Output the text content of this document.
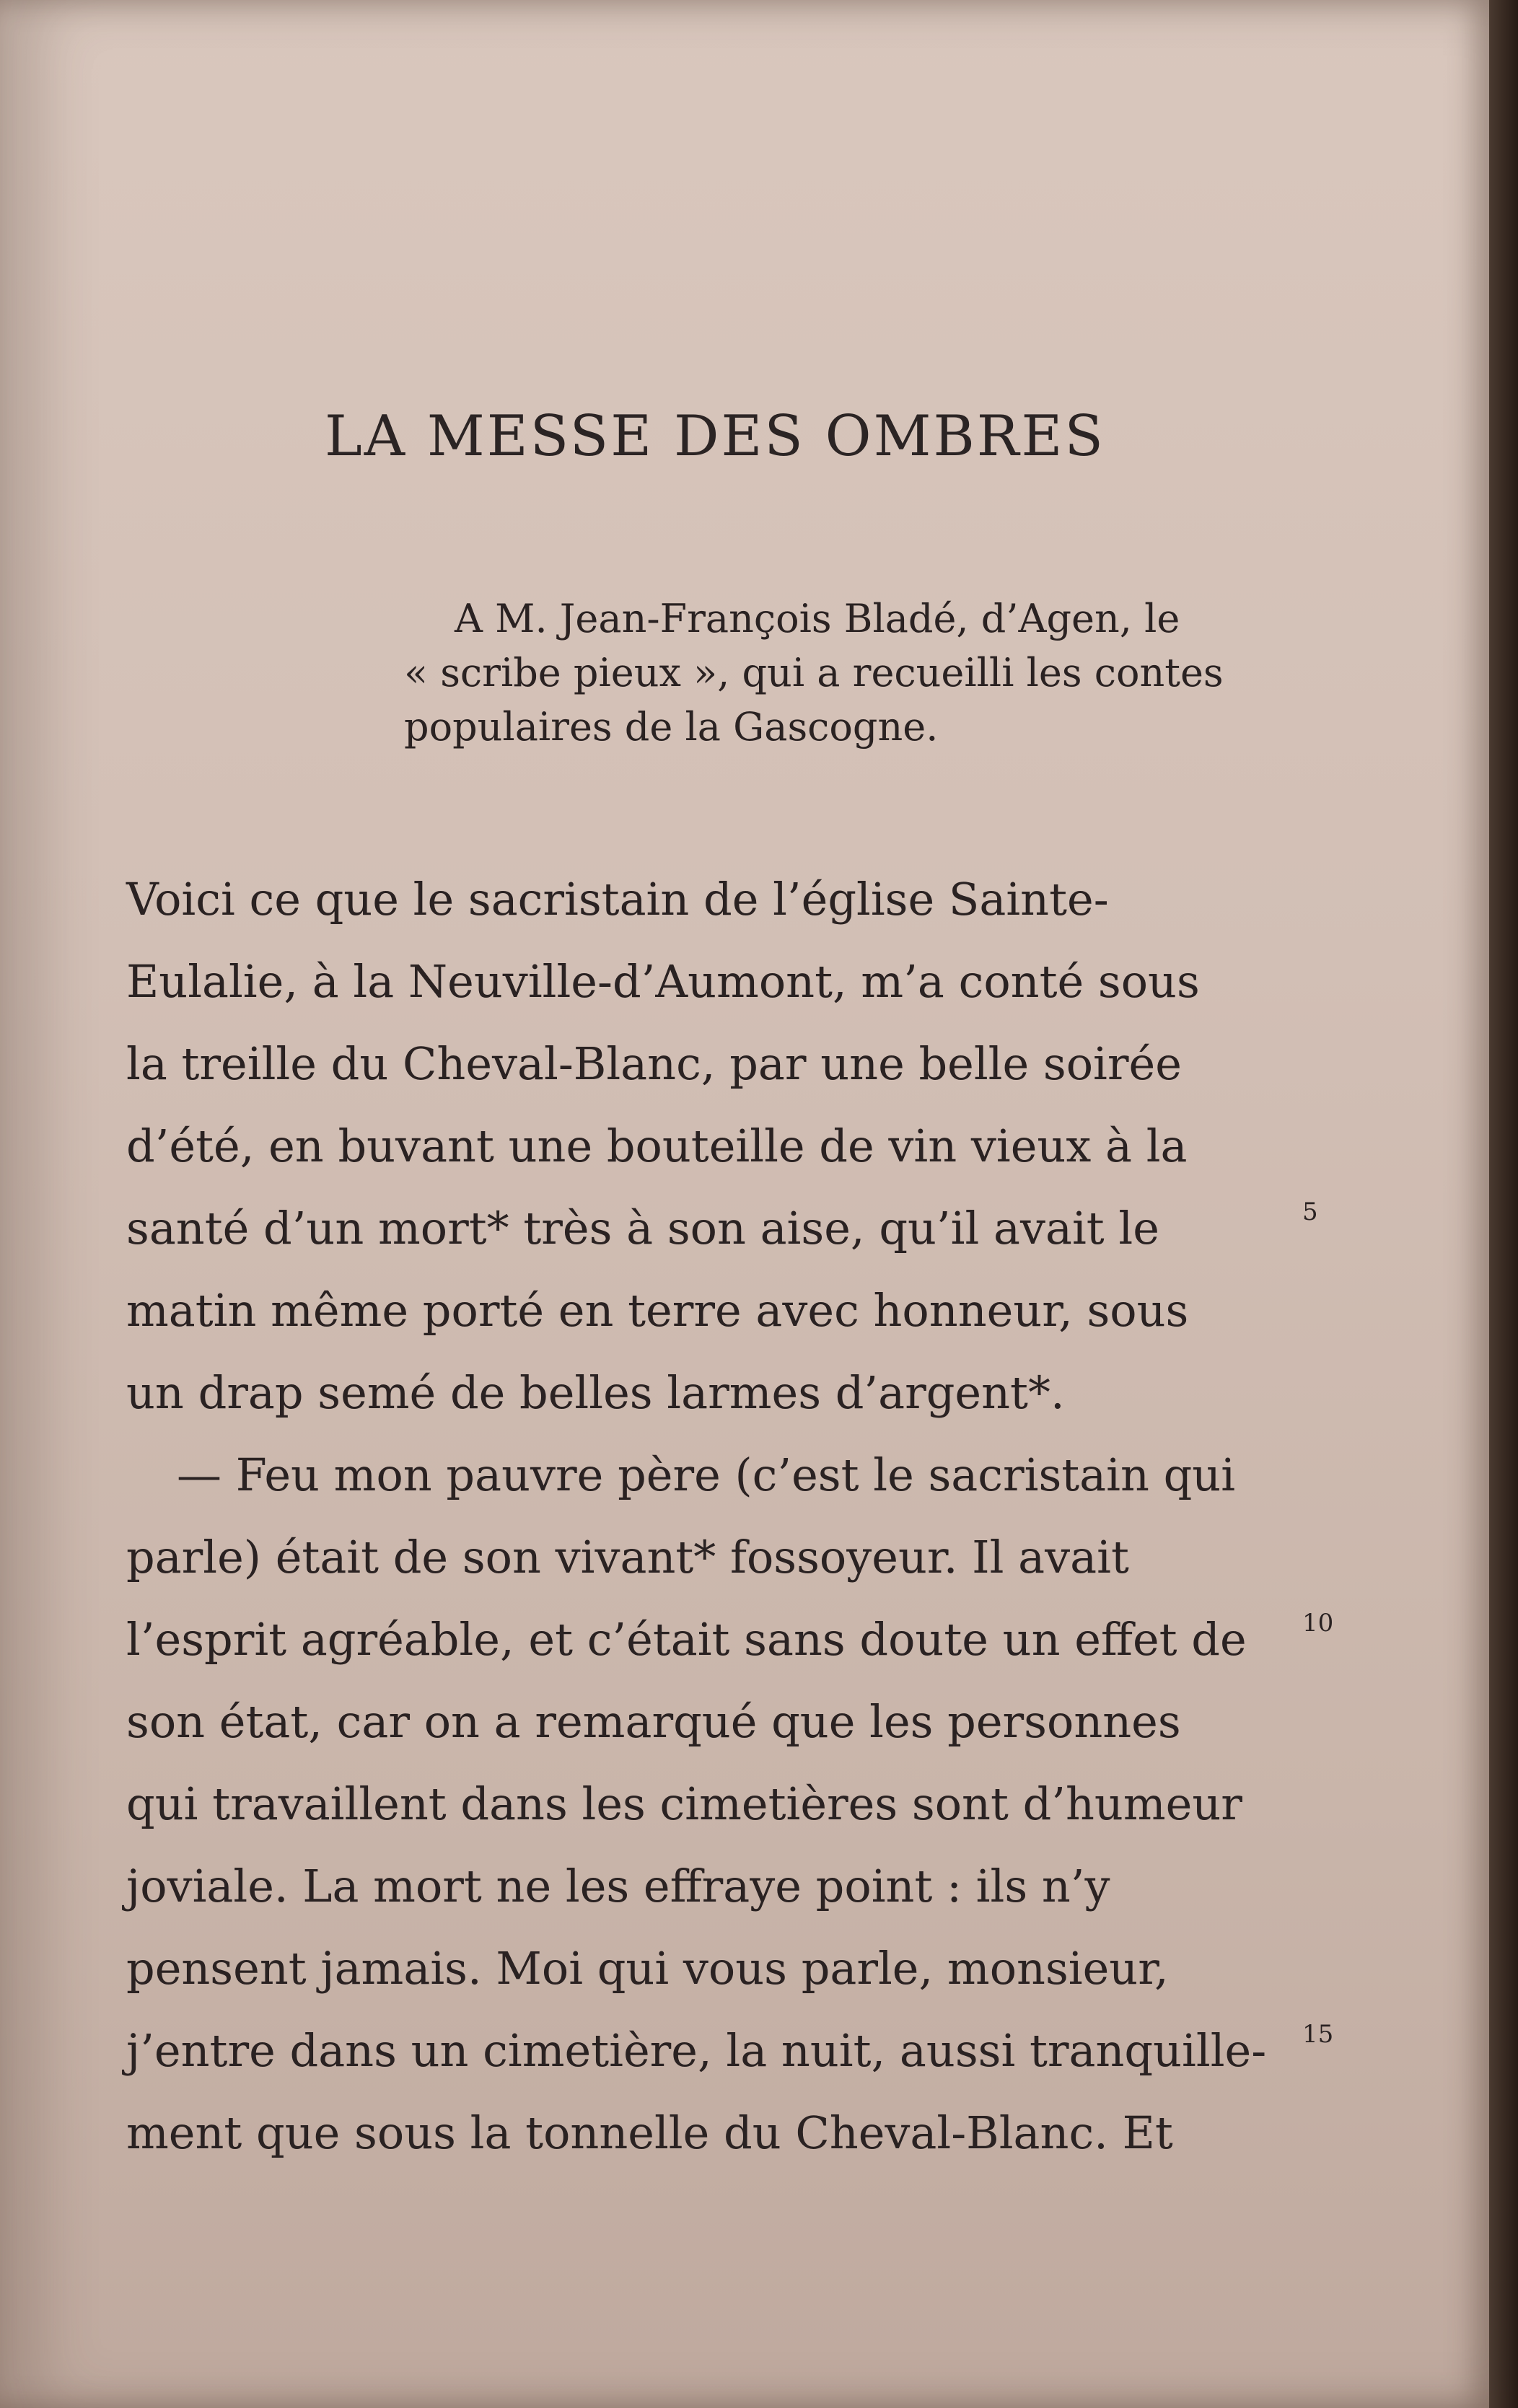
LA MESSE DES OMBRES

A M. Jean-François Bladé, d’Agen, le

« scribe pieux », qui a recueilli les contes

populaires de la Gascogne.

Voici ce que le sacristain de l’église Sainte-
Eulalie, à la Neuville-d’Aumont, m’a conté sous
la treille du Cheval-Blanc, par une belle soirée
d’été, en buvant une bouteille de vin vieux à la
santé d’un mort* très à son aise, qu’il avait le
matin même porté en terre avec honneur, sous
un drap semé de belles larmes d’argent*.
— Feu mon pauvre père (c’est le sacristain qui
parle) était de son vivant* fossoyeur. Il avait
l’esprit agréable, et c’était sans doute un effet de
son état, car on a remarqué que les personnes
qui travaillent dans les cimetières sont d’humeur
joviale. La mort ne les effraye point : ils n’y
pensent jamais. Moi qui vous parle, monsieur,
j’entre dans un cimetière, la nuit, aussi tranquille-
ment que sous la tonnelle du Cheval-Blanc. Et
5
10
15
